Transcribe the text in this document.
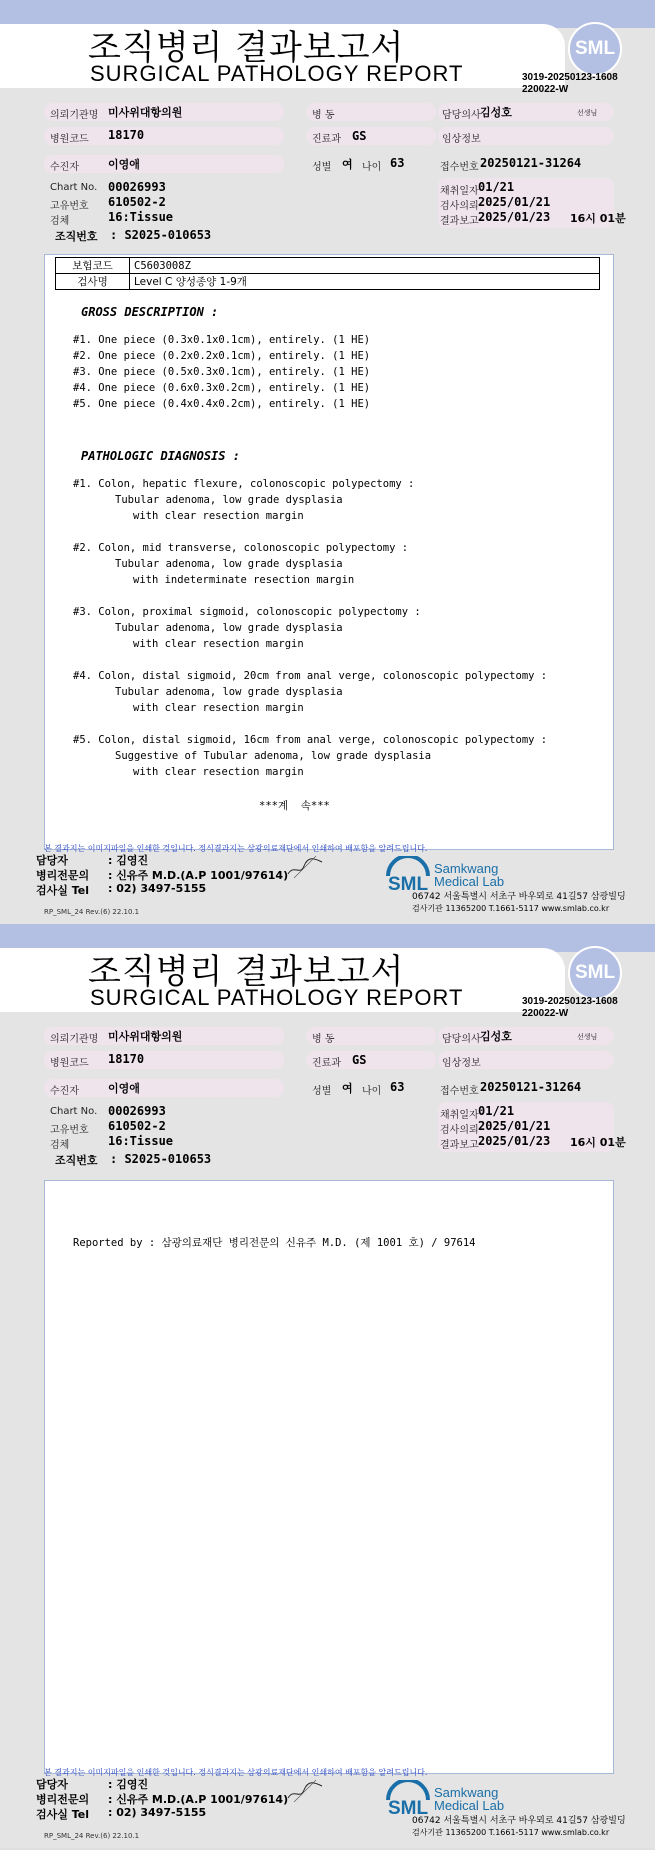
조직병리 결과보고서
SURGICAL PATHOLOGY REPORT
SML
3019-20250123-1608
220022-W
의뢰기관명 미사위대항의원
병원코드 18170
수진자	이영애
Chart No. 00026993
고유번호 610502-2
검체	16:Tissue
조직번호 : S2025-010653
병 동
진료과 GS
성별 여 나이 63
담당의사 김성호	선생님
임상정보
접수번호 20250121-31264
채취일자 01/21
검사의뢰 2025/01/21
결과보고 2025/01/23 16시 01분
보험코드	C5603008Z
검사명	Level C 양성종양 1-9개
GROSS DESCRIPTION :
#1. One piece (0.3x0.1x0.1cm), entirely. (1 HE)
#2. One piece (0.2x0.2x0.1cm), entirely. (1 HE)
#3. One piece (0.5x0.3x0.1cm), entirely. (1 HE)
#4. One piece (0.6x0.3x0.2cm), entirely. (1 HE)
#5. One piece (0.4x0.4x0.2cm), entirely. (1 HE)
PATHOLOGIC DIAGNOSIS :
#1. Colon, hepatic flexure, colonoscopic polypectomy :
Tubular adenoma, low grade dysplasia
with clear resection margin
#2. Colon, mid transverse, colonoscopic polypectomy :
Tubular adenoma, low grade dysplasia
with indeterminate resection margin
#3. Colon, proximal sigmoid, colonoscopic polypectomy :
Tubular adenoma, low grade dysplasia
with clear resection margin
#4. Colon, distal sigmoid, 20cm from anal verge, colonoscopic polypectomy :
Tubular adenoma, low grade dysplasia
with clear resection margin
#5. Colon, distal sigmoid, 16cm from anal verge, colonoscopic polypectomy :
Suggestive of Tubular adenoma, low grade dysplasia
with clear resection margin
***계  속***
본 결과지는 이미지파일을 인쇄한 것입니다. 정식결과지는 삼광의료재단에서 인쇄하여 배포함을 알려드립니다.
담당자	: 김영진
병리전문의 : 신유주 M.D.(A.P 1001/97614)
검사실 Tel : 02) 3497-5155
RP_SML_24 Rev.(6) 22.10.1
SML
Samkwang
Medical Lab
06742 서울특별시 서초구 바우뫼로 41길57 삼광빌딩
검사기관 11365200 T.1661-5117 www.smlab.co.kr
조직병리 결과보고서
SURGICAL PATHOLOGY REPORT
SML
3019-20250123-1608
220022-W
의뢰기관명 미사위대항의원
병원코드 18170
수진자	이영애
Chart No. 00026993
고유번호 610502-2
검체	16:Tissue
조직번호 : S2025-010653
병 동
진료과 GS
성별 여 나이 63
담당의사 김성호	선생님
임상정보
접수번호 20250121-31264
채취일자 01/21
검사의뢰 2025/01/21
결과보고 2025/01/23 16시 01분
Reported by : 삼광의료재단 병리전문의 신유주 M.D. (제 1001 호) / 97614
본 결과지는 이미지파일을 인쇄한 것입니다. 정식결과지는 삼광의료재단에서 인쇄하여 배포함을 알려드립니다.
담당자	: 김영진
병리전문의 : 신유주 M.D.(A.P 1001/97614)
검사실 Tel : 02) 3497-5155
RP_SML_24 Rev.(6) 22.10.1
SML
Samkwang
Medical Lab
06742 서울특별시 서초구 바우뫼로 41길57 삼광빌딩
검사기관 11365200 T.1661-5117 www.smlab.co.kr
